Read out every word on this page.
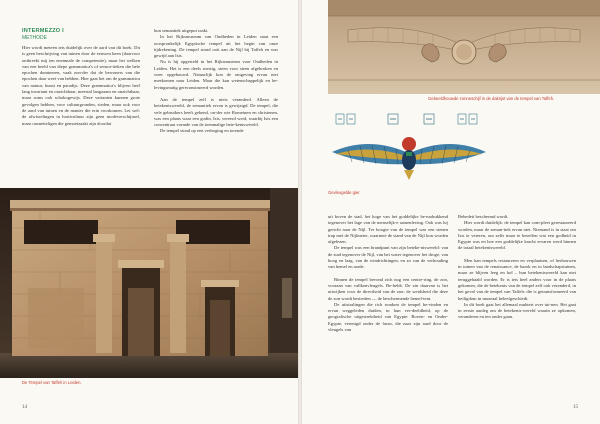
INTERMEZZO I
METHODE

Hier wordt meteen iets duidelijk over de aard van dit boek. Dit is geen beschrijving van tuinen door de eeuwen heen (daarvoor ontbreekt mij ten enenmale de competentie), maar het welken van een beeld van diepe grammatica's of sensor-tieken die hele epochen domineren, vaak zon-der dat de bewoners van die epochen daar weet van hebben. Hier gaat het om de grammatica van natuur, kunst en paradijs. Deze grammatica's blijven heel lang invariant en onzichtbaar, meestal langzaam en onzichtbaar, maar soms ook schokogewijs. Deze varianten kunnen grote gevolgen hebben, voor cultuurgronden, steden, maar ook voor de aard van tuinen en de manier die erin voorkomen. Let wel: de afwisselingen in horticultuur zijn geen modeverschijnsel, maar onsnetteligen die gemoeizaakt zijn doordat

hun semantiek uitgeput raakt.

In het Rijksmuseum van Oudheden in Leiden staat een oorspronkelijk Egyptische tempel uit het begin van onze tijdrekening. De tempel stond ooit aan de Nijl bij Taffeh en was gewijd aan Isis.

Nu is hij opgesteld in het Rijksmuseum voor Oudheden in Leiden. Het is een deels roestig, steen voor steen afgebroken en weer opgebouwd. Natuurlijk kon de omgeving ervan niet meekomen naar Leiden. Maar die kan wetenschappelijk en be-levingsmatig gereconstrueerd worden.

Aan de tempel zelf is niets veranderd. Alleen de betekeniswereld, de semantiek ervan is gewijzigd. De tempel, die vele gebruikers heeft gekend, on-der wie Romeinen en christenen, was een plaats waar een godin, Isis, vereerd werd, waarbij Isis een concentraat vormde van de toenmalige bete-keniswereld.

De tempel stond op een verhoging en torende

De Tempel van Taffeh in Leiden.
14
Gebeeldhouwde zonneschijf in de dakrijst van de tempel van Taffeh.
Gevleugelde gier.

uit boven de stad, het hoge van het goddelijke be-nadrukkend tegenover het lage van de menselijk-e samenleving. Ook was hij gericht naar de Nijl. Ter hoogte van de tempel was een stenen trap met de Nijlmeter, waarmee de stand van de Nijl kon worden afgelezen.

De tempel was een brandpunt van zijn beteke-niswereld: van de stad tegenover de Nijl, van het water tegenover het droge, van hoog en laag, van de windrichtingen, en zo van de verhouding van hemel en aarde.

Binnen de tempel bevond zich nog een centre-ring, de zon, vooraan van vallkenvleugels. Be-heldt. De zin daarvan is het uitwijken voor de directheid van de zon: de weidsheid die deze de zon wordt bestreden — de beschermende hemel-tent.

De uitstralingen die rich rondom de tempel be-vinden en ervan weggeleden duiden, in hun ver-deeldheid, op de geografische uitgestrektheid van Egypte: Boven- en Onder-Egypte, verenigd onder de farao, die naar zijn aard door de vleugels van

Behedeti beschermd wordt.

Hier wordt duidelijk: de tempel kan com-pleet gerestaureerd worden, maar de seman-tiek ervan niet. Niemand is in staat om Isis te vereren, om zelfs maar te beseffen wat een godheid in Egypte was en hoe een goddelijke kracht ervaren werd binnen de totaal betekeniswereld.

Men kan tempels restaureren en verplaatsen, of herbouwen in tuinen van de renaissance, de barok en in landschapstuinen, maar ze blijven leeg en hol – hun betekeniswereld kan niet teruggehaald worden. Er is iets heel anders voor in de plaats gekomen, die de betekenis van de tempel zelf ook veranderd, in het geval van de tempel van Taffeh: die is getransformeerd van heiligdom in museaal beleefgeschiedt.

In dit boek gaat het allemaal muhtert over tui-nen. Het gaat in eerste aanleg om de betekenis-wereld waarin ze opkomen, veranderen en ten onder gaan.

15
